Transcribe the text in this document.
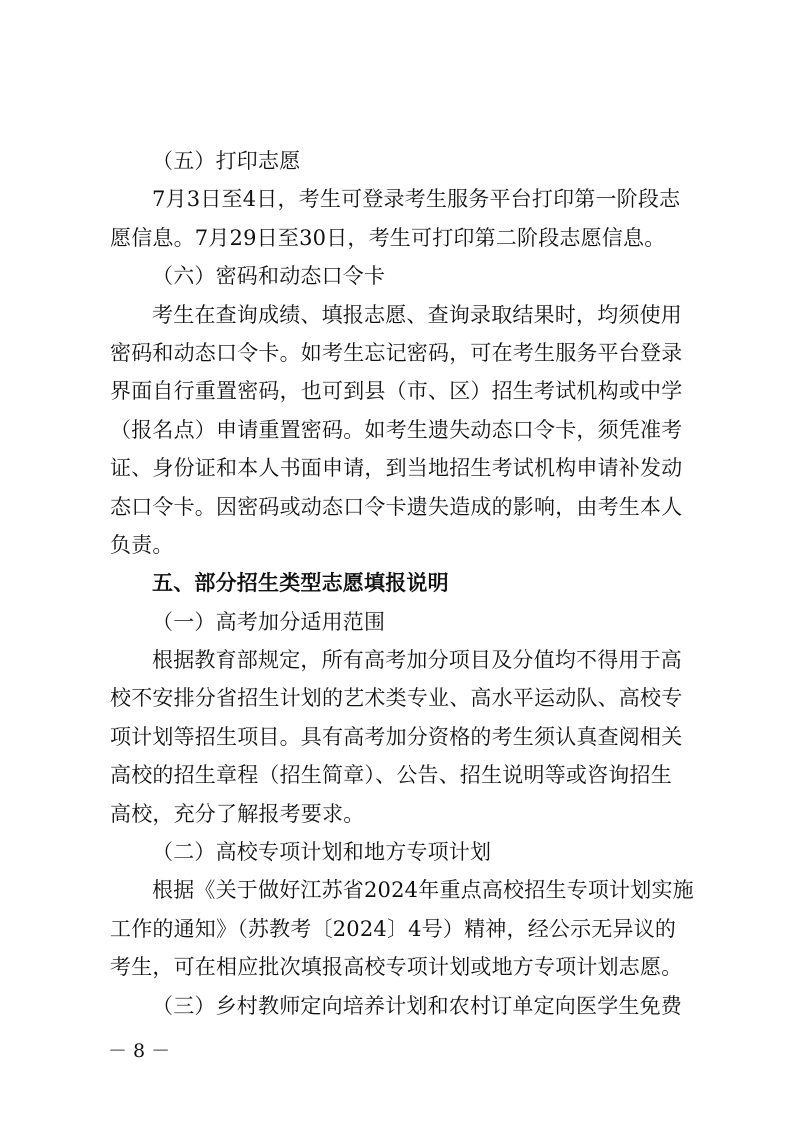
（五）打印志愿
7月3日至4日，考生可登录考生服务平台打印第一阶段志
愿信息。7月29日至30日，考生可打印第二阶段志愿信息。
（六）密码和动态口令卡
考生在查询成绩、填报志愿、查询录取结果时，均须使用
密码和动态口令卡。如考生忘记密码，可在考生服务平台登录
界面自行重置密码，也可到县（市、区）招生考试机构或中学
（报名点）申请重置密码。如考生遗失动态口令卡，须凭准考
证、身份证和本人书面申请，到当地招生考试机构申请补发动
态口令卡。因密码或动态口令卡遗失造成的影响，由考生本人
负责。
五、部分招生类型志愿填报说明
（一）高考加分适用范围
根据教育部规定，所有高考加分项目及分值均不得用于高
校不安排分省招生计划的艺术类专业、高水平运动队、高校专
项计划等招生项目。具有高考加分资格的考生须认真查阅相关
高校的招生章程（招生简章）、公告、招生说明等或咨询招生
高校，充分了解报考要求。
（二）高校专项计划和地方专项计划
根据《关于做好江苏省2024年重点高校招生专项计划实施
工作的通知》（苏教考〔2024〕4号）精神，经公示无异议的
考生，可在相应批次填报高校专项计划或地方专项计划志愿。
（三）乡村教师定向培养计划和农村订单定向医学生免费
－ 8 －
